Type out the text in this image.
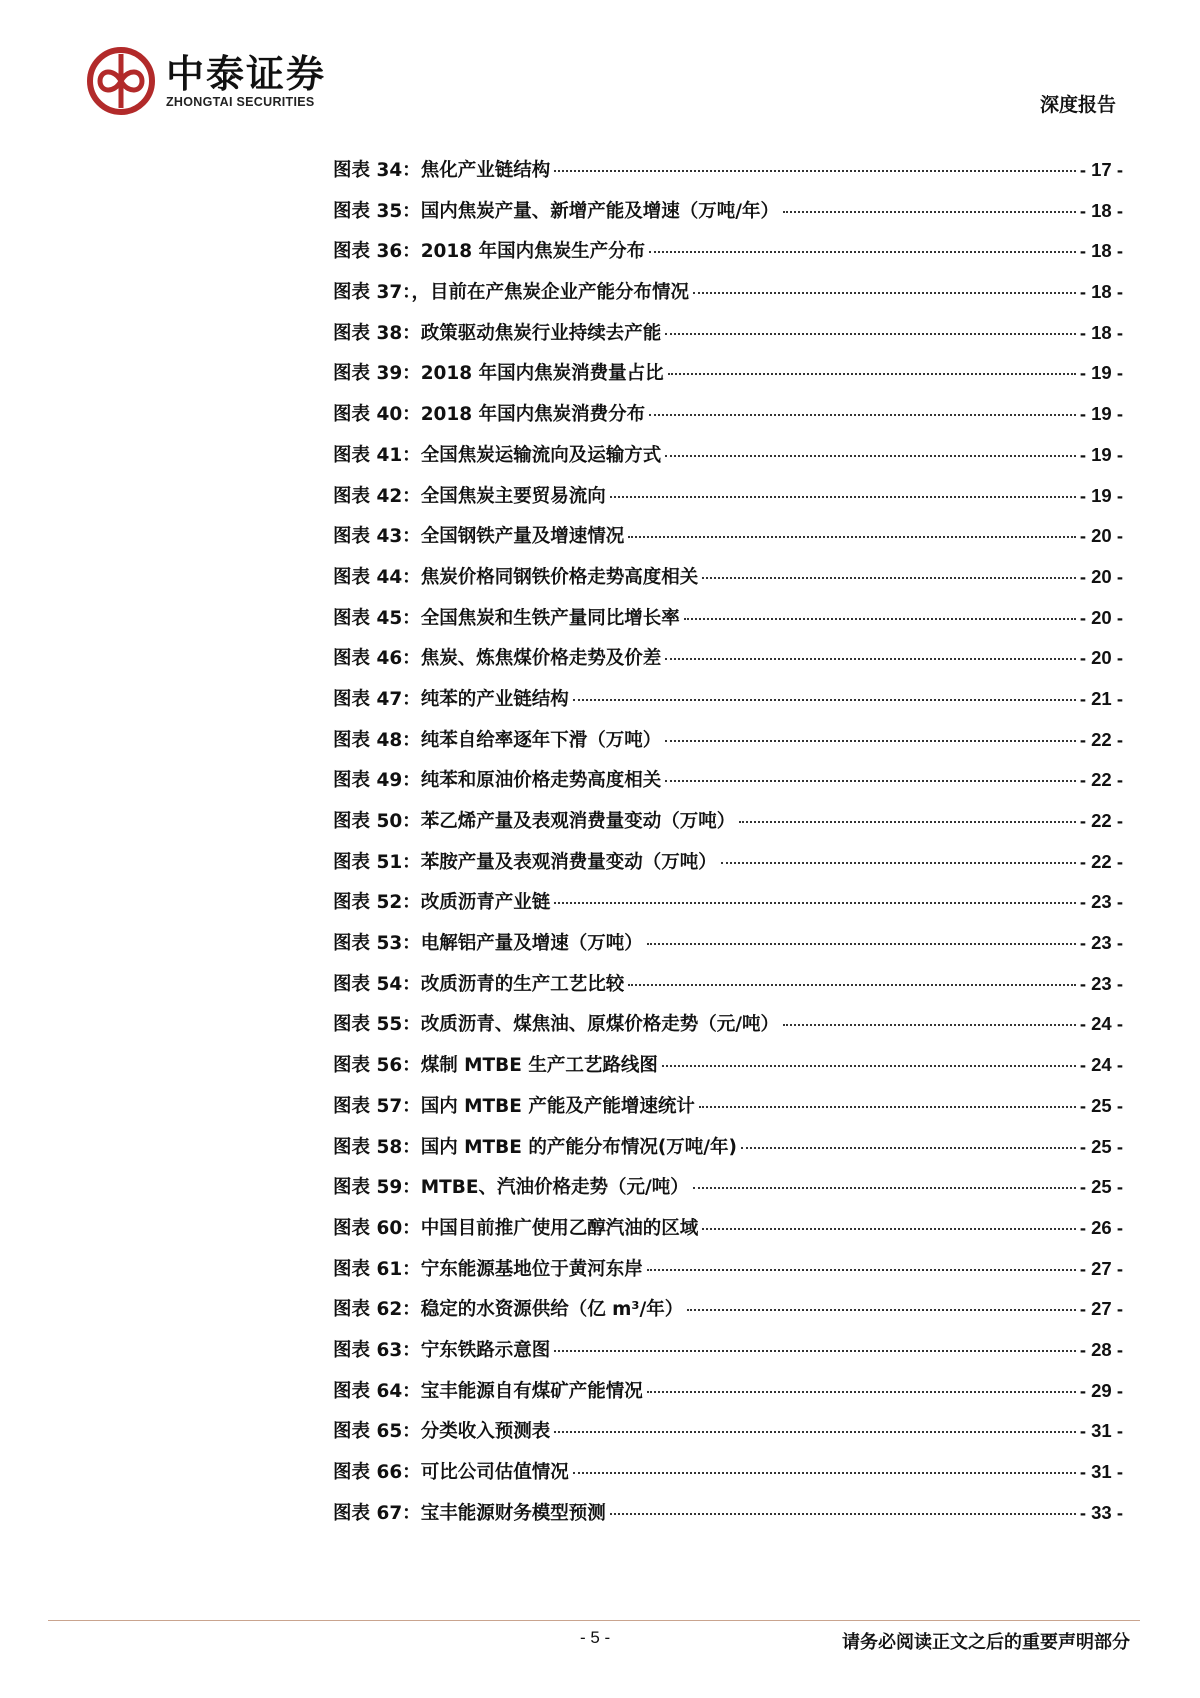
中泰证券
ZHONGTAI SECURITIES	深度报告
图表 34：焦化产业链结构	- 17 -
图表 35：国内焦炭产量、新增产能及增速（万吨/年）	- 18 -
图表 36：2018 年国内焦炭生产分布	- 18 -
图表 37：，目前在产焦炭企业产能分布情况	- 18 -
图表 38：政策驱动焦炭行业持续去产能	- 18 -
图表 39：2018 年国内焦炭消费量占比	- 19 -
图表 40：2018 年国内焦炭消费分布	- 19 -
图表 41：全国焦炭运输流向及运输方式	- 19 -
图表 42：全国焦炭主要贸易流向	- 19 -
图表 43：全国钢铁产量及增速情况	- 20 -
图表 44：焦炭价格同钢铁价格走势高度相关	- 20 -
图表 45：全国焦炭和生铁产量同比增长率	- 20 -
图表 46：焦炭、炼焦煤价格走势及价差	- 20 -
图表 47：纯苯的产业链结构	- 21 -
图表 48：纯苯自给率逐年下滑（万吨）	- 22 -
图表 49：纯苯和原油价格走势高度相关	- 22 -
图表 50：苯乙烯产量及表观消费量变动（万吨）	- 22 -
图表 51：苯胺产量及表观消费量变动（万吨）	- 22 -
图表 52：改质沥青产业链	- 23 -
图表 53：电解铝产量及增速（万吨）	- 23 -
图表 54：改质沥青的生产工艺比较	- 23 -
图表 55：改质沥青、煤焦油、原煤价格走势（元/吨）	- 24 -
图表 56：煤制 MTBE 生产工艺路线图	- 24 -
图表 57：国内 MTBE 产能及产能增速统计	- 25 -
图表 58：国内 MTBE 的产能分布情况(万吨/年)	- 25 -
图表 59：MTBE、汽油价格走势（元/吨）	- 25 -
图表 60：中国目前推广使用乙醇汽油的区域	- 26 -
图表 61：宁东能源基地位于黄河东岸	- 27 -
图表 62：稳定的水资源供给（亿 m³/年）	- 27 -
图表 63：宁东铁路示意图	- 28 -
图表 64：宝丰能源自有煤矿产能情况	- 29 -
图表 65：分类收入预测表	- 31 -
图表 66：可比公司估值情况	- 31 -
图表 67：宝丰能源财务模型预测	- 33 -
- 5 -	请务必阅读正文之后的重要声明部分
